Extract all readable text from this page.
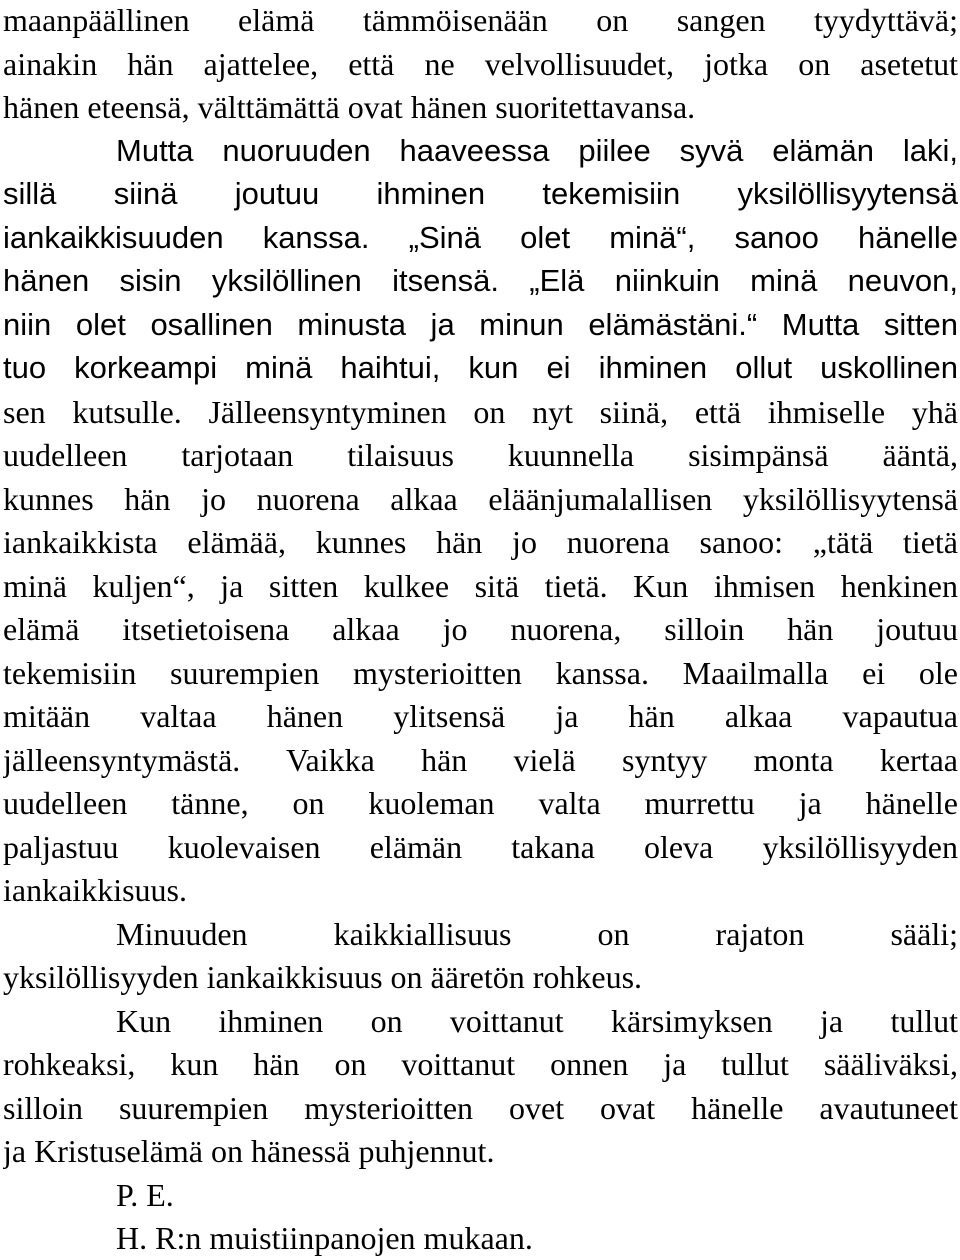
maanpäällinen elämä tämmöisenään on sangen tyydyttävä;
ainakin hän ajattelee, että ne velvollisuudet, jotka on asetetut
hänen eteensä, välttämättä ovat hänen suoritettavansa.
Mutta nuoruuden haaveessa piilee syvä elämän laki,
sillä siinä joutuu ihminen tekemisiin yksilöllisyytensä
iankaikkisuuden kanssa. „Sinä olet minä“, sanoo hänelle
hänen sisin yksilöllinen itsensä. „Elä niinkuin minä neuvon,
niin olet osallinen minusta ja minun elämästäni.“ Mutta sitten
tuo korkeampi minä haihtui, kun ei ihminen ollut uskollinen
sen kutsulle. Jälleensyntyminen on nyt siinä, että ihmiselle yhä
uudelleen tarjotaan tilaisuus kuunnella sisimpänsä ääntä,
kunnes hän jo nuorena alkaa eläänjumalallisen yksilöllisyytensä
iankaikkista elämää, kunnes hän jo nuorena sanoo: „tätä tietä
minä kuljen“, ja sitten kulkee sitä tietä. Kun ihmisen henkinen
elämä itsetietoisena alkaa jo nuorena, silloin hän joutuu
tekemisiin suurempien mysterioitten kanssa. Maailmalla ei ole
mitään valtaa hänen ylitsensä ja hän alkaa vapautua
jälleensyntymästä. Vaikka hän vielä syntyy monta kertaa
uudelleen tänne, on kuoleman valta murrettu ja hänelle
paljastuu kuolevaisen elämän takana oleva yksilöllisyyden
iankaikkisuus.
Minuuden kaikkiallisuus on rajaton sääli;
yksilöllisyyden iankaikkisuus on ääretön rohkeus.
Kun ihminen on voittanut kärsimyksen ja tullut
rohkeaksi, kun hän on voittanut onnen ja tullut sääliväksi,
silloin suurempien mysterioitten ovet ovat hänelle avautuneet
ja Kristuselämä on hänessä puhjennut.
P. E.
H. R:n muistiinpanojen mukaan.
